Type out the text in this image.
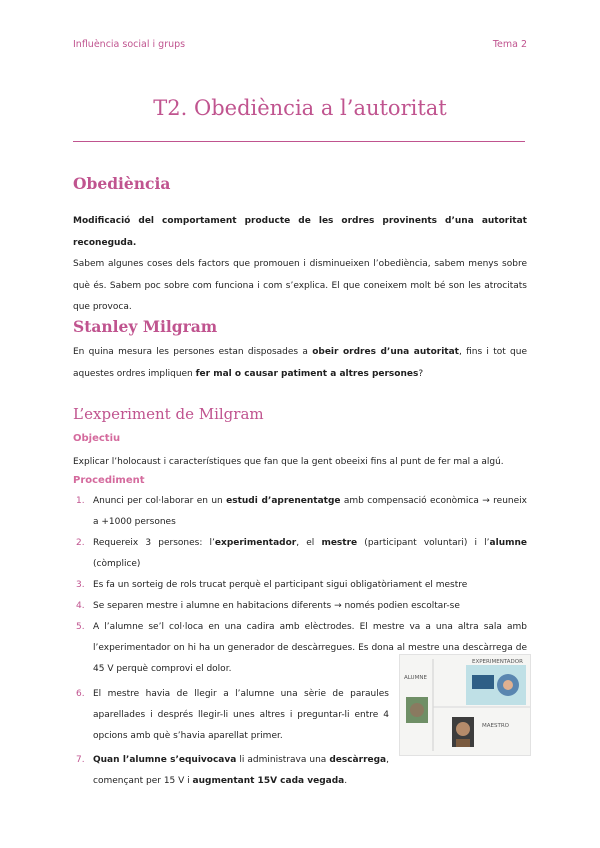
Influència social i grups	Tema 2
T2. Obediència a l’autoritat
Obediència
Modificació del comportament producte de les ordres provinents d’una autoritat reconeguda.
Sabem algunes coses dels factors que promouen i disminueixen l’obediència, sabem menys sobre què és. Sabem poc sobre com funciona i com s’explica. El que coneixem molt bé son les atrocitats que provoca.
Stanley Milgram
En quina mesura les persones estan disposades a obeir ordres d’una autoritat, fins i tot que aquestes ordres impliquen fer mal o causar patiment a altres persones?
L’experiment de Milgram
Objectiu
Explicar l’holocaust i característiques que fan que la gent obeeixi fins al punt de fer mal a algú.
Procediment
1. Anunci per col·laborar en un estudi d’aprenentatge amb compensació econòmica → reuneix a +1000 persones
2. Requereix 3 persones: l’experimentador, el mestre (participant voluntari) i l’alumne (còmplice)
3. Es fa un sorteig de rols trucat perquè el participant sigui obligatòriament el mestre
4. Se separen mestre i alumne en habitacions diferents → només podien escoltar-se
5. A l’alumne se’l col·loca en una cadira amb elèctrodes. El mestre va a una altra sala amb l’experimentador on hi ha un generador de descàrregues. Es dona al mestre una descàrrega de 45 V perquè comprovi el dolor.
6. El mestre havia de llegir a l’alumne una sèrie de paraules aparellades i després llegir-li unes altres i preguntar-li entre 4 opcions amb què s’havia aparellat primer.
7. Quan l’alumne s’equivocava li administrava una descàrrega, començant per 15 V i augmentant 15V cada vegada.
EXPERIMENTADOR
ALUMNE
MAESTRO
